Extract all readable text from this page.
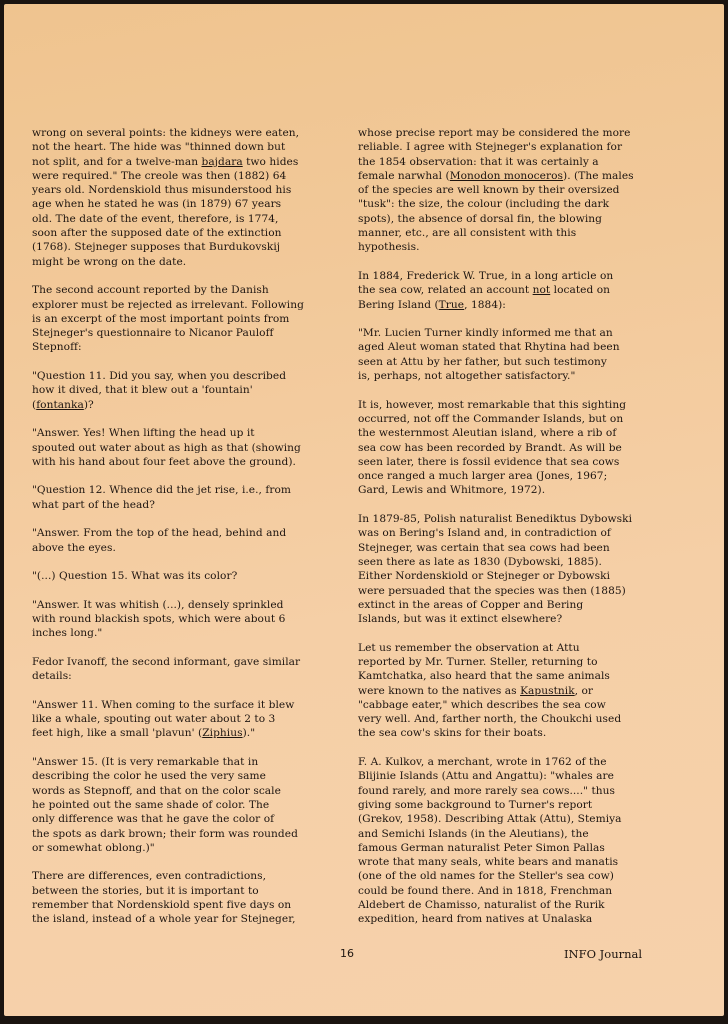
wrong on several points: the kidneys were eaten,
not the heart. The hide was "thinned down but
not split, and for a twelve-man bajdara two hides
were required." The creole was then (1882) 64
years old. Nordenskiold thus misunderstood his
age when he stated he was (in 1879) 67 years
old. The date of the event, therefore, is 1774,
soon after the supposed date of the extinction
(1768). Stejneger supposes that Burdukovskij
might be wrong on the date.

The second account reported by the Danish
explorer must be rejected as irrelevant. Following
is an excerpt of the most important points from
Stejneger's questionnaire to Nicanor Pauloff
Stepnoff:

"Question 11. Did you say, when you described
how it dived, that it blew out a 'fountain'
(fontanka)?

"Answer. Yes! When lifting the head up it
spouted out water about as high as that (showing
with his hand about four feet above the ground).

"Question 12. Whence did the jet rise, i.e., from
what part of the head?

"Answer. From the top of the head, behind and
above the eyes.

"(...) Question 15. What was its color?

"Answer. It was whitish (...), densely sprinkled
with round blackish spots, which were about 6
inches long."

Fedor Ivanoff, the second informant, gave similar
details:

"Answer 11. When coming to the surface it blew
like a whale, spouting out water about 2 to 3
feet high, like a small 'plavun' (Ziphius)."

"Answer 15. (It is very remarkable that in
describing the color he used the very same
words as Stepnoff, and that on the color scale
he pointed out the same shade of color. The
only difference was that he gave the color of
the spots as dark brown; their form was rounded
or somewhat oblong.)"

There are differences, even contradictions,
between the stories, but it is important to
remember that Nordenskiold spent five days on
the island, instead of a whole year for Stejneger,

whose precise report may be considered the more
reliable. I agree with Stejneger's explanation for
the 1854 observation: that it was certainly a
female narwhal (Monodon monoceros). (The males
of the species are well known by their oversized
"tusk": the size, the colour (including the dark
spots), the absence of dorsal fin, the blowing
manner, etc., are all consistent with this
hypothesis.

In 1884, Frederick W. True, in a long article on
the sea cow, related an account not located on
Bering Island (True, 1884):

"Mr. Lucien Turner kindly informed me that an
aged Aleut woman stated that Rhytina had been
seen at Attu by her father, but such testimony
is, perhaps, not altogether satisfactory."

It is, however, most remarkable that this sighting
occurred, not off the Commander Islands, but on
the westernmost Aleutian island, where a rib of
sea cow has been recorded by Brandt. As will be
seen later, there is fossil evidence that sea cows
once ranged a much larger area (Jones, 1967;
Gard, Lewis and Whitmore, 1972).

In 1879-85, Polish naturalist Benediktus Dybowski
was on Bering's Island and, in contradiction of
Stejneger, was certain that sea cows had been
seen there as late as 1830 (Dybowski, 1885).
Either Nordenskiold or Stejneger or Dybowski
were persuaded that the species was then (1885)
extinct in the areas of Copper and Bering
Islands, but was it extinct elsewhere?

Let us remember the observation at Attu
reported by Mr. Turner. Steller, returning to
Kamtchatka, also heard that the same animals
were known to the natives as Kapustnik, or
"cabbage eater," which describes the sea cow
very well. And, farther north, the Choukchi used
the sea cow's skins for their boats.

F. A. Kulkov, a merchant, wrote in 1762 of the
Blijinie Islands (Attu and Angattu): "whales are
found rarely, and more rarely sea cows...." thus
giving some background to Turner's report
(Grekov, 1958). Describing Attak (Attu), Stemiya
and Semichi Islands (in the Aleutians), the
famous German naturalist Peter Simon Pallas
wrote that many seals, white bears and manatis
(one of the old names for the Steller's sea cow)
could be found there. And in 1818, Frenchman
Aldebert de Chamisso, naturalist of the Rurik
expedition, heard from natives at Unalaska

16	INFO Journal
